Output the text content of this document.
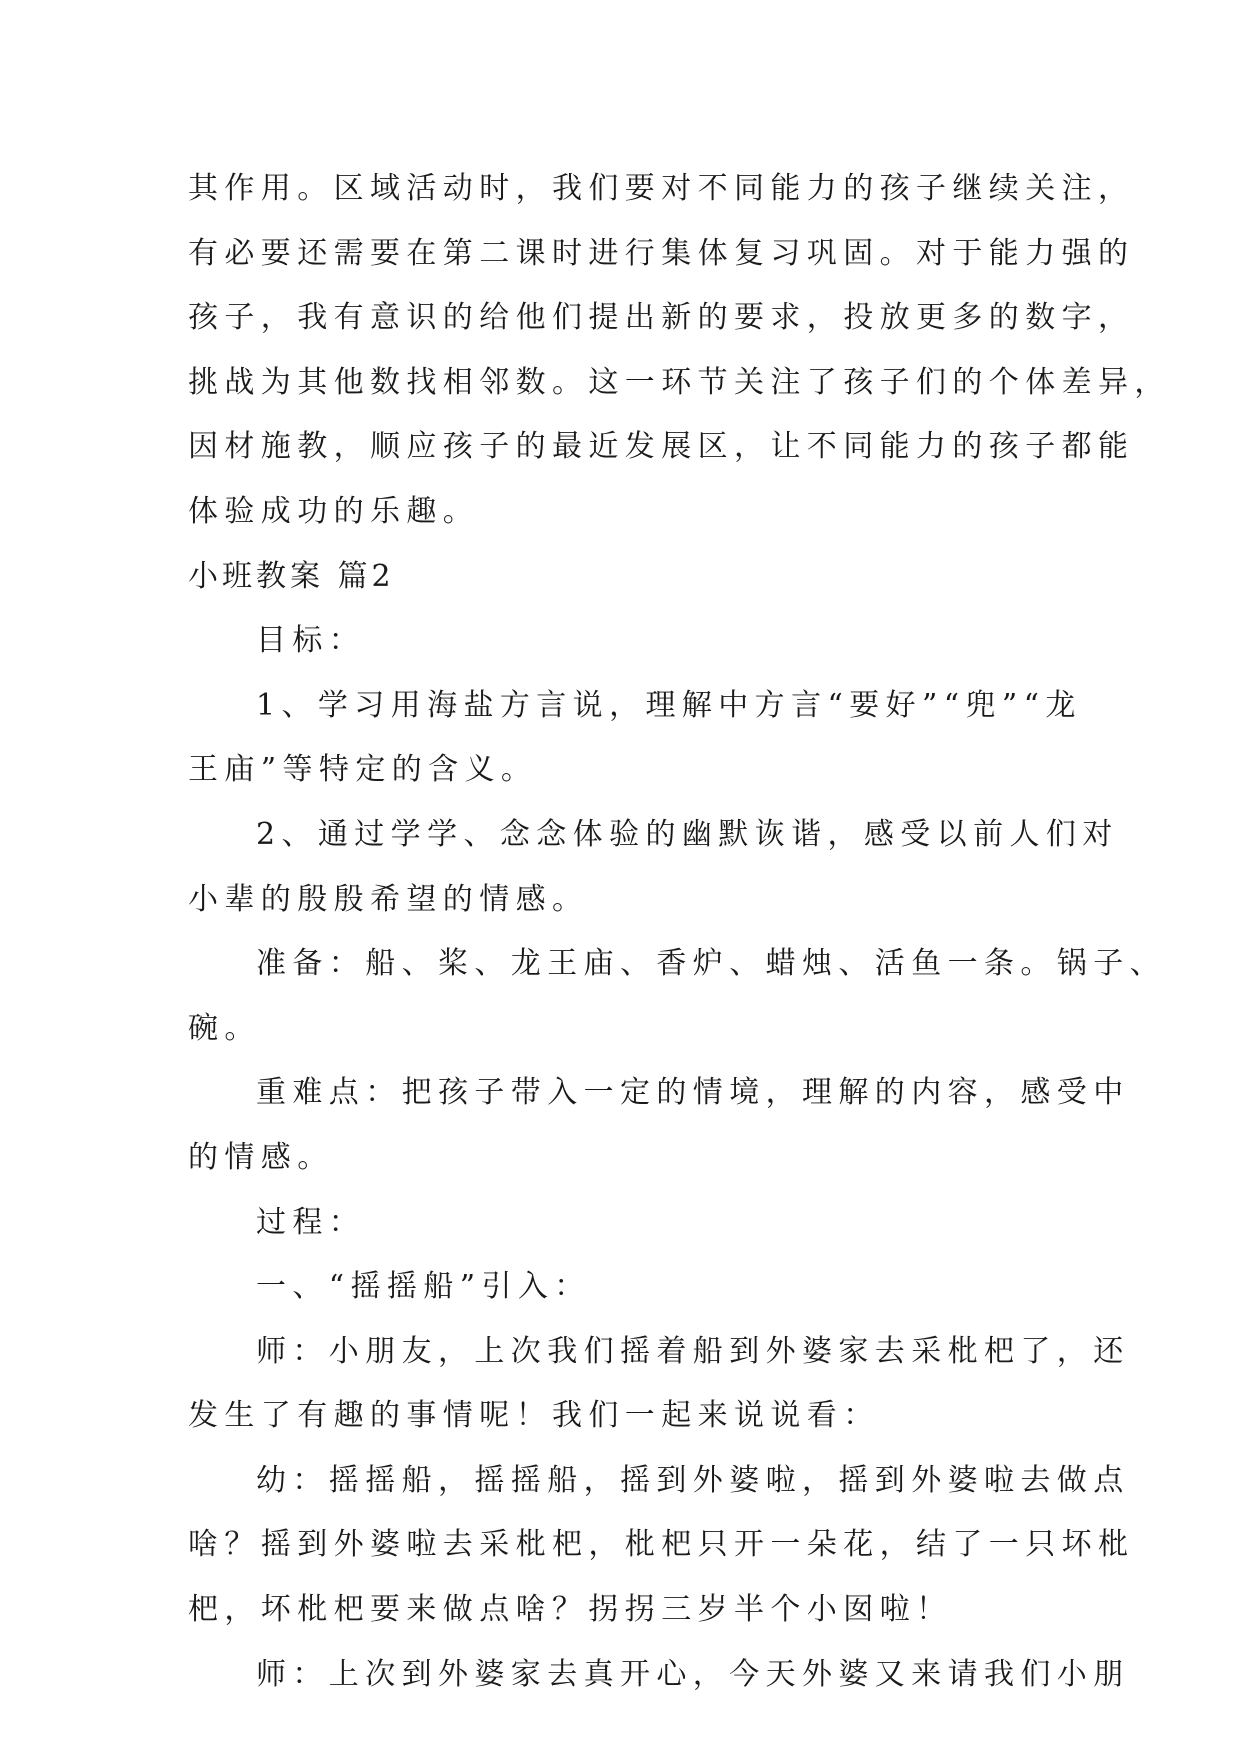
其作用。区域活动时，我们要对不同能力的孩子继续关注，
有必要还需要在第二课时进行集体复习巩固。对于能力强的
孩子，我有意识的给他们提出新的要求，投放更多的数字，
挑战为其他数找相邻数。这一环节关注了孩子们的个体差异，
因材施教，顺应孩子的最近发展区，让不同能力的孩子都能
体验成功的乐趣。
小班教案 篇2
目标：
1、学习用海盐方言说，理解中方言“要好”“兜”“龙
王庙”等特定的含义。
2、通过学学、念念体验的幽默诙谐，感受以前人们对
小辈的殷殷希望的情感。
准备：船、桨、龙王庙、香炉、蜡烛、活鱼一条。锅子、
碗。
重难点：把孩子带入一定的情境，理解的内容，感受中
的情感。
过程：
一、“摇摇船”引入：
师：小朋友，上次我们摇着船到外婆家去采枇杷了，还
发生了有趣的事情呢！我们一起来说说看：
幼：摇摇船，摇摇船，摇到外婆啦，摇到外婆啦去做点
啥？摇到外婆啦去采枇杷，枇杷只开一朵花，结了一只坏枇
杷，坏枇杷要来做点啥？拐拐三岁半个小囡啦！
师：上次到外婆家去真开心，今天外婆又来请我们小朋
